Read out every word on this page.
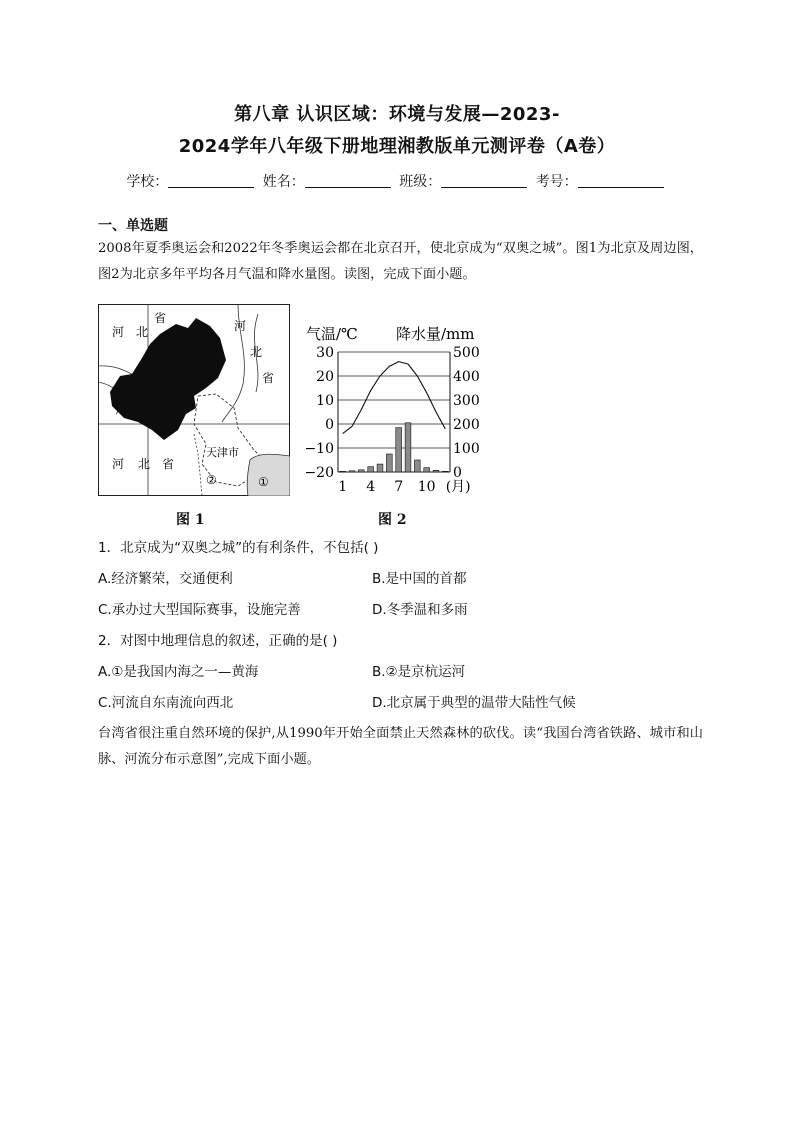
第八章 认识区域：环境与发展—2023-
2024学年八年级下册地理湘教版单元测评卷（A卷）
学校：	姓名：	班级：	考号：
一、单选题
2008年夏季奥运会和2022年冬季奥运会都在北京召开，使北京成为“双奥之城”。图1为北京及周边图，图2为北京多年平均各月气温和降水量图。读图，完成下面小题。
河 北
省
河
北
省
河 北 省
天津市
①
②
图 1
气温/℃	降水量/mm
30
20
10
0
−10
−20
500
400
300
200
100
0
1 4 7 10 (月)
图 2
1．北京成为“双奥之城”的有利条件，不包括( )
A.经济繁荣，交通便利	B.是中国的首都
C.承办过大型国际赛事，设施完善	D.冬季温和多雨
2．对图中地理信息的叙述，正确的是( )
A.①是我国内海之一—黄海	B.②是京杭运河
C.河流自东南流向西北	D.北京属于典型的温带大陆性气候
台湾省很注重自然环境的保护,从1990年开始全面禁止天然森林的砍伐。读“我国台湾省铁路、城市和山脉、河流分布示意图”,完成下面小题。
